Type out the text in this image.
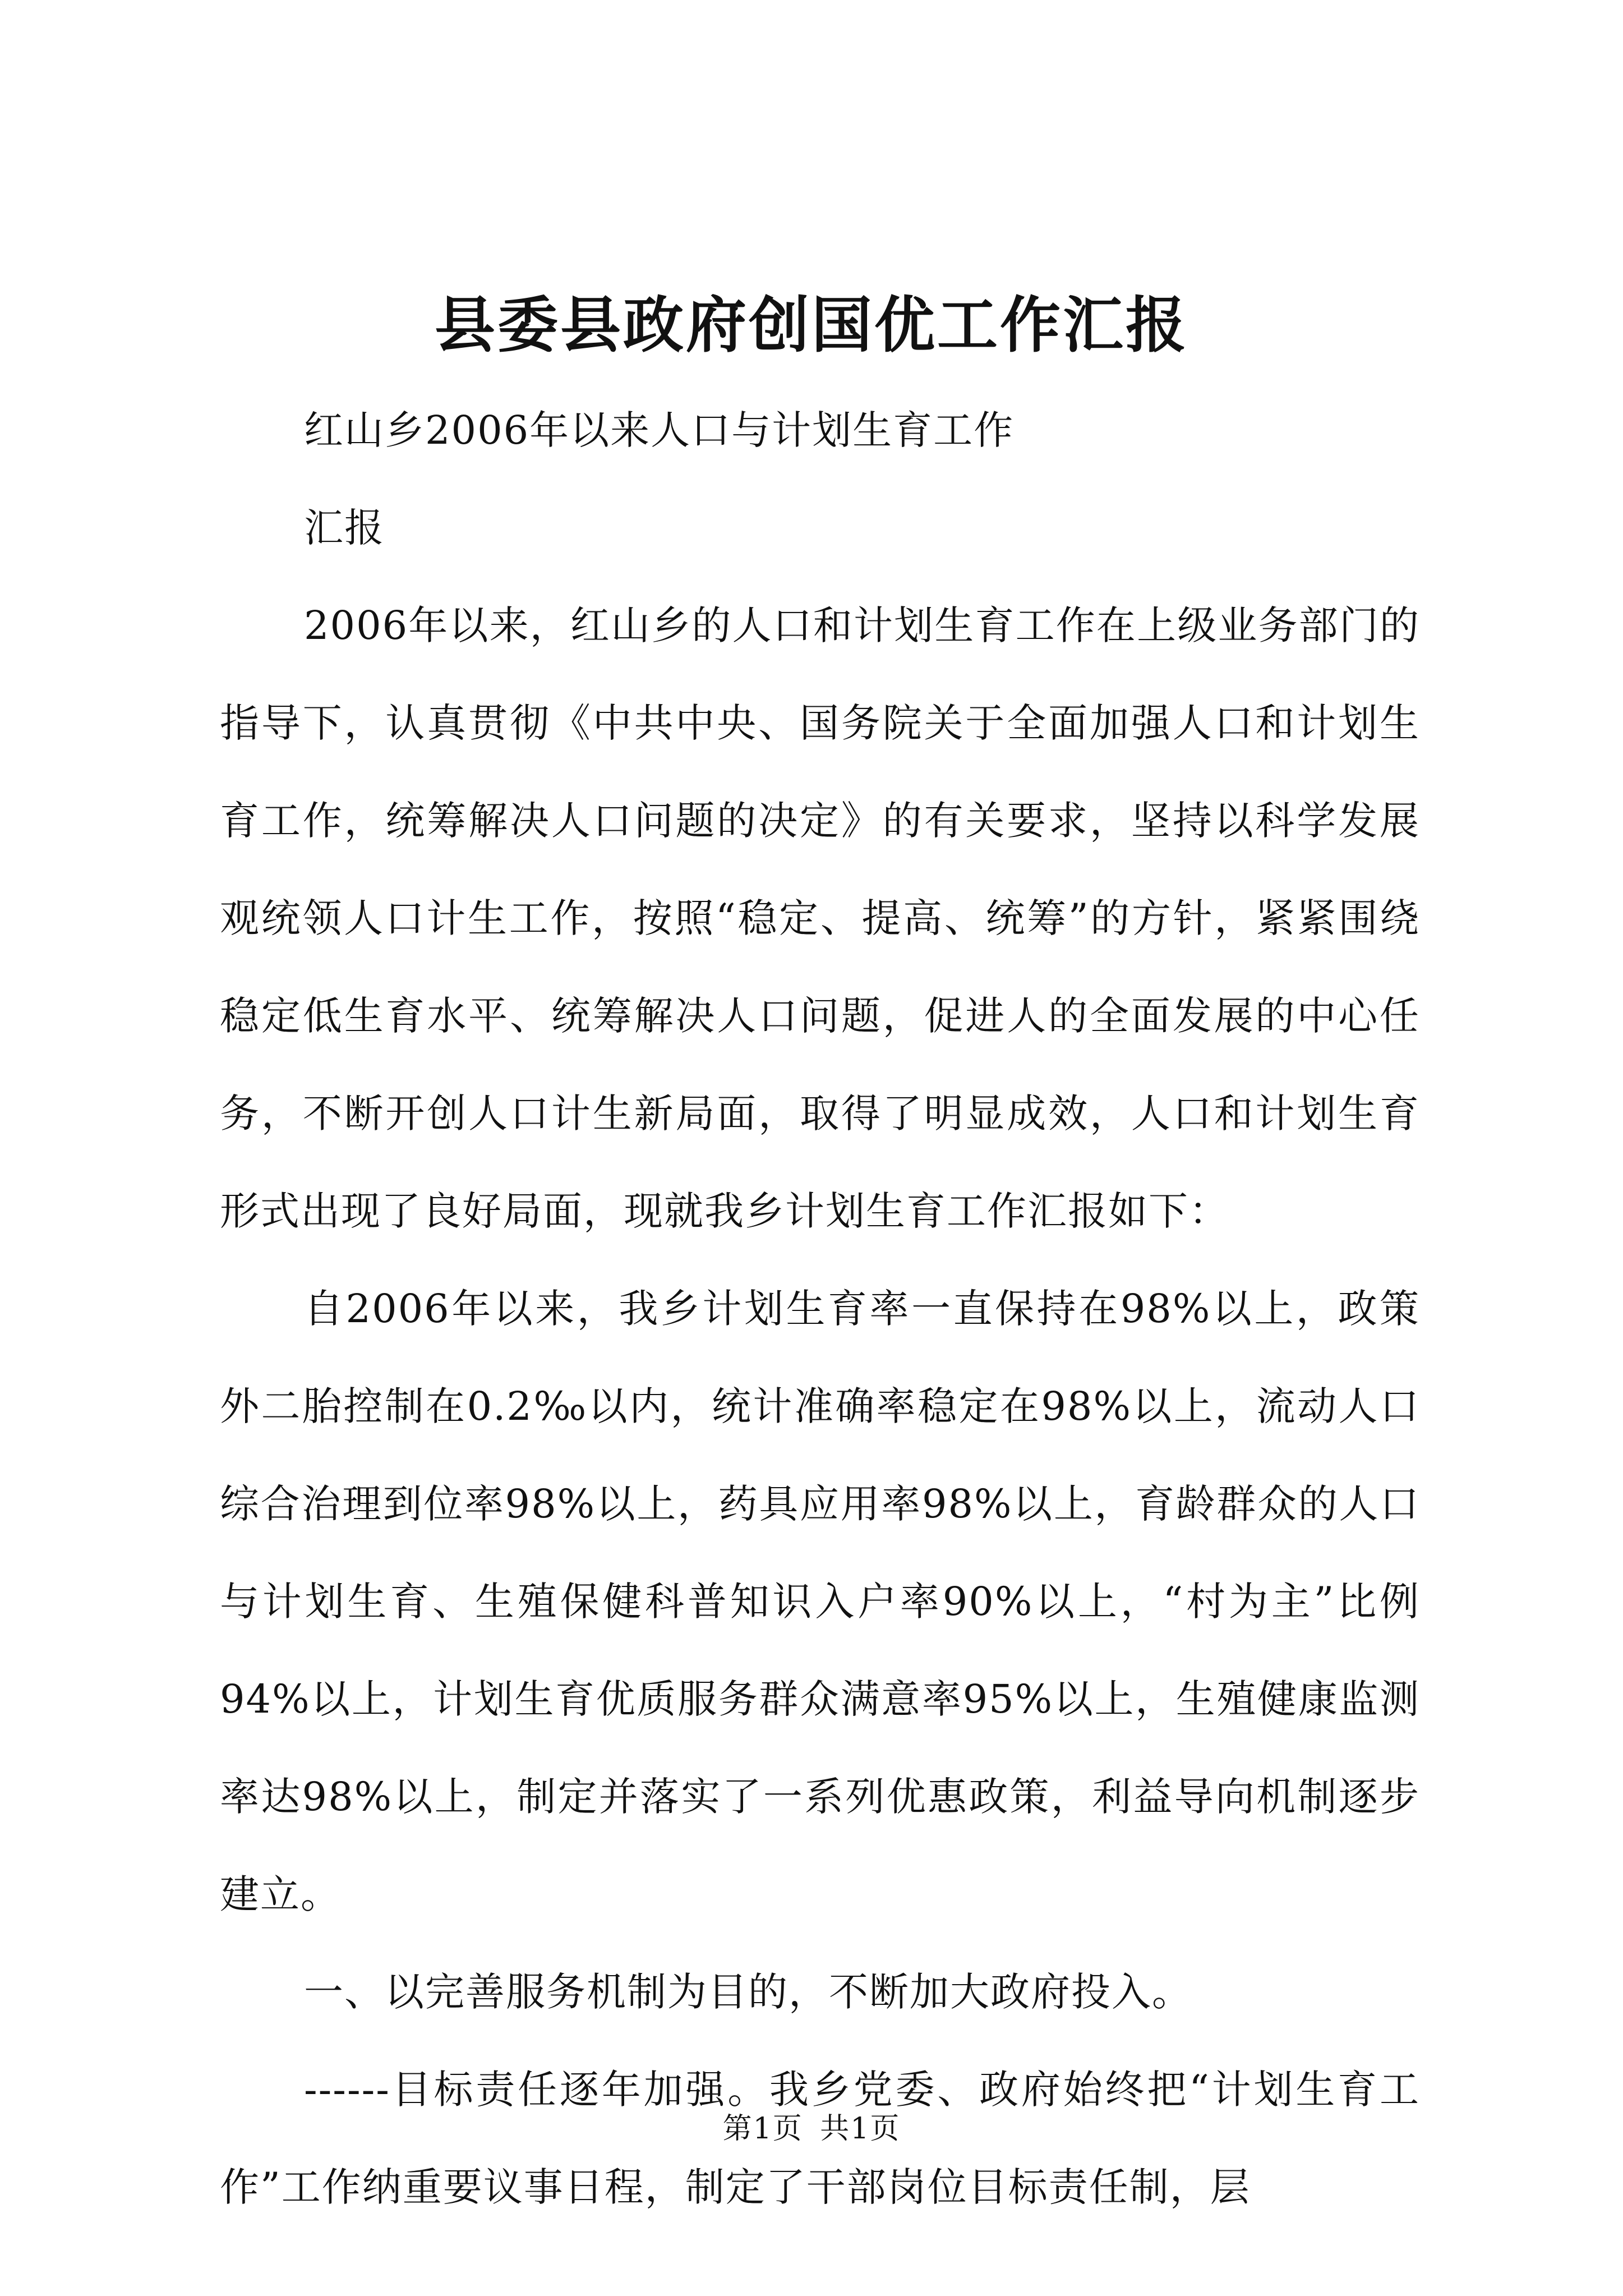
县委县政府创国优工作汇报

红山乡2006年以来人口与计划生育工作

汇报

2006年以来，红山乡的人口和计划生育工作在上级业务部门的指导下，认真贯彻《中共中央、国务院关于全面加强人口和计划生育工作，统筹解决人口问题的决定》的有关要求，坚持以科学发展观统领人口计生工作，按照“稳定、提高、统筹”的方针，紧紧围绕稳定低生育水平、统筹解决人口问题，促进人的全面发展的中心任务，不断开创人口计生新局面，取得了明显成效，人口和计划生育形式出现了良好局面，现就我乡计划生育工作汇报如下：

自2006年以来，我乡计划生育率一直保持在98%以上，政策外二胎控制在0.2‰以内，统计准确率稳定在98%以上，流动人口综合治理到位率98%以上，药具应用率98%以上，育龄群众的人口与计划生育、生殖保健科普知识入户率90%以上，“村为主”比例94%以上，计划生育优质服务群众满意率95%以上，生殖健康监测率达98%以上，制定并落实了一系列优惠政策，利益导向机制逐步建立。

一、以完善服务机制为目的，不断加大政府投入。

------目标责任逐年加强。我乡党委、政府始终把“计划生育工作”工作纳重要议事日程，制定了干部岗位目标责任制，层

第1页 共1页
